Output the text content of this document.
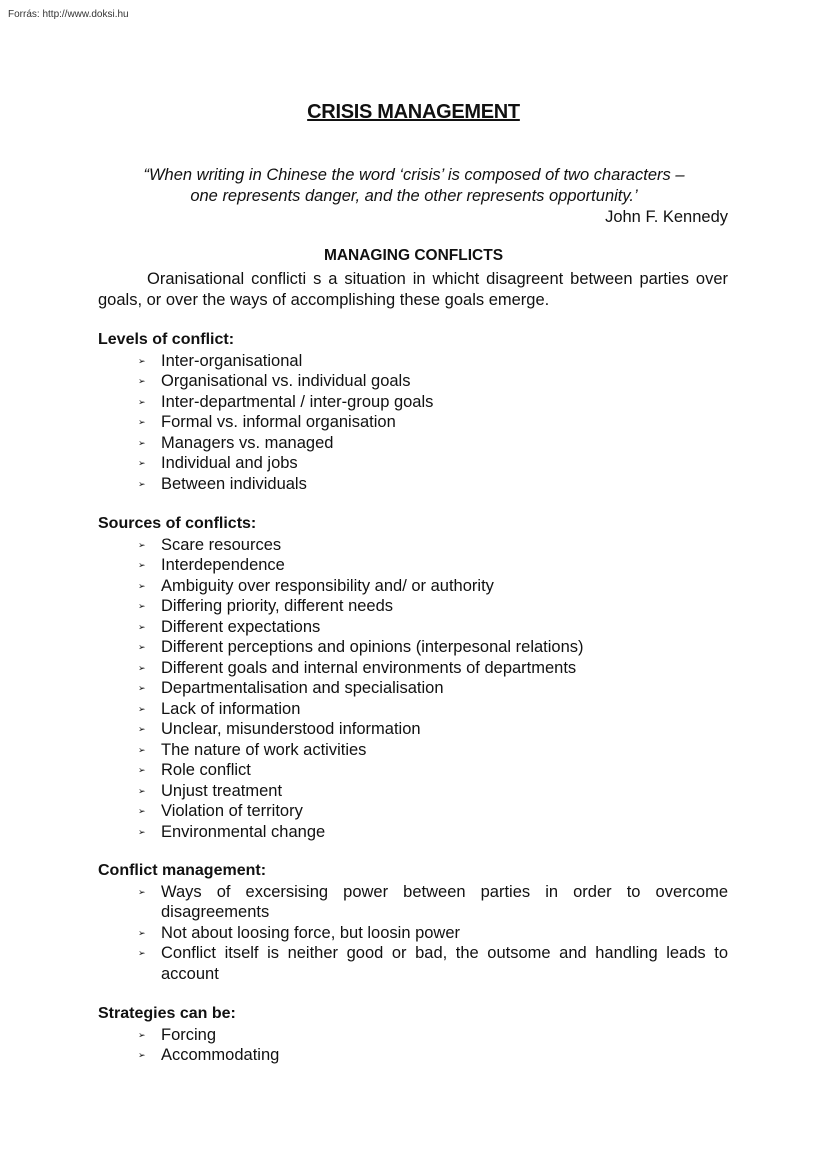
Forrás: http://www.doksi.hu
CRISIS MANAGEMENT
“When writing in Chinese the word ‘crisis’ is composed of two characters –
one represents danger, and the other represents opportunity.’
John F. Kennedy
MANAGING CONFLICTS

Oranisational conflicti s a situation in whicht disagreent between parties over goals, or over the ways of accomplishing these goals emerge.

Levels of conflict:

➢ Inter-organisational
➢ Organisational vs. individual goals
➢ Inter-departmental / inter-group goals
➢ Formal vs. informal organisation
➢ Managers vs. managed
➢ Individual and jobs
➢ Between individuals

Sources of conflicts:

➢ Scare resources
➢ Interdependence
➢ Ambiguity over responsibility and/ or authority
➢ Differing priority, different needs
➢ Different expectations
➢ Different perceptions and opinions (interpesonal relations)
➢ Different goals and internal environments of departments
➢ Departmentalisation and specialisation
➢ Lack of information
➢ Unclear, misunderstood information
➢ The nature of work activities
➢ Role conflict
➢ Unjust treatment
➢ Violation of territory
➢ Environmental change

Conflict management:

➢ Ways of excersising power between parties in order to overcome disagreements
➢ Not about loosing force, but loosin power
➢ Conflict itself is neither good or bad, the outsome and handling leads to account

Strategies can be:

➢ Forcing
➢ Accommodating
